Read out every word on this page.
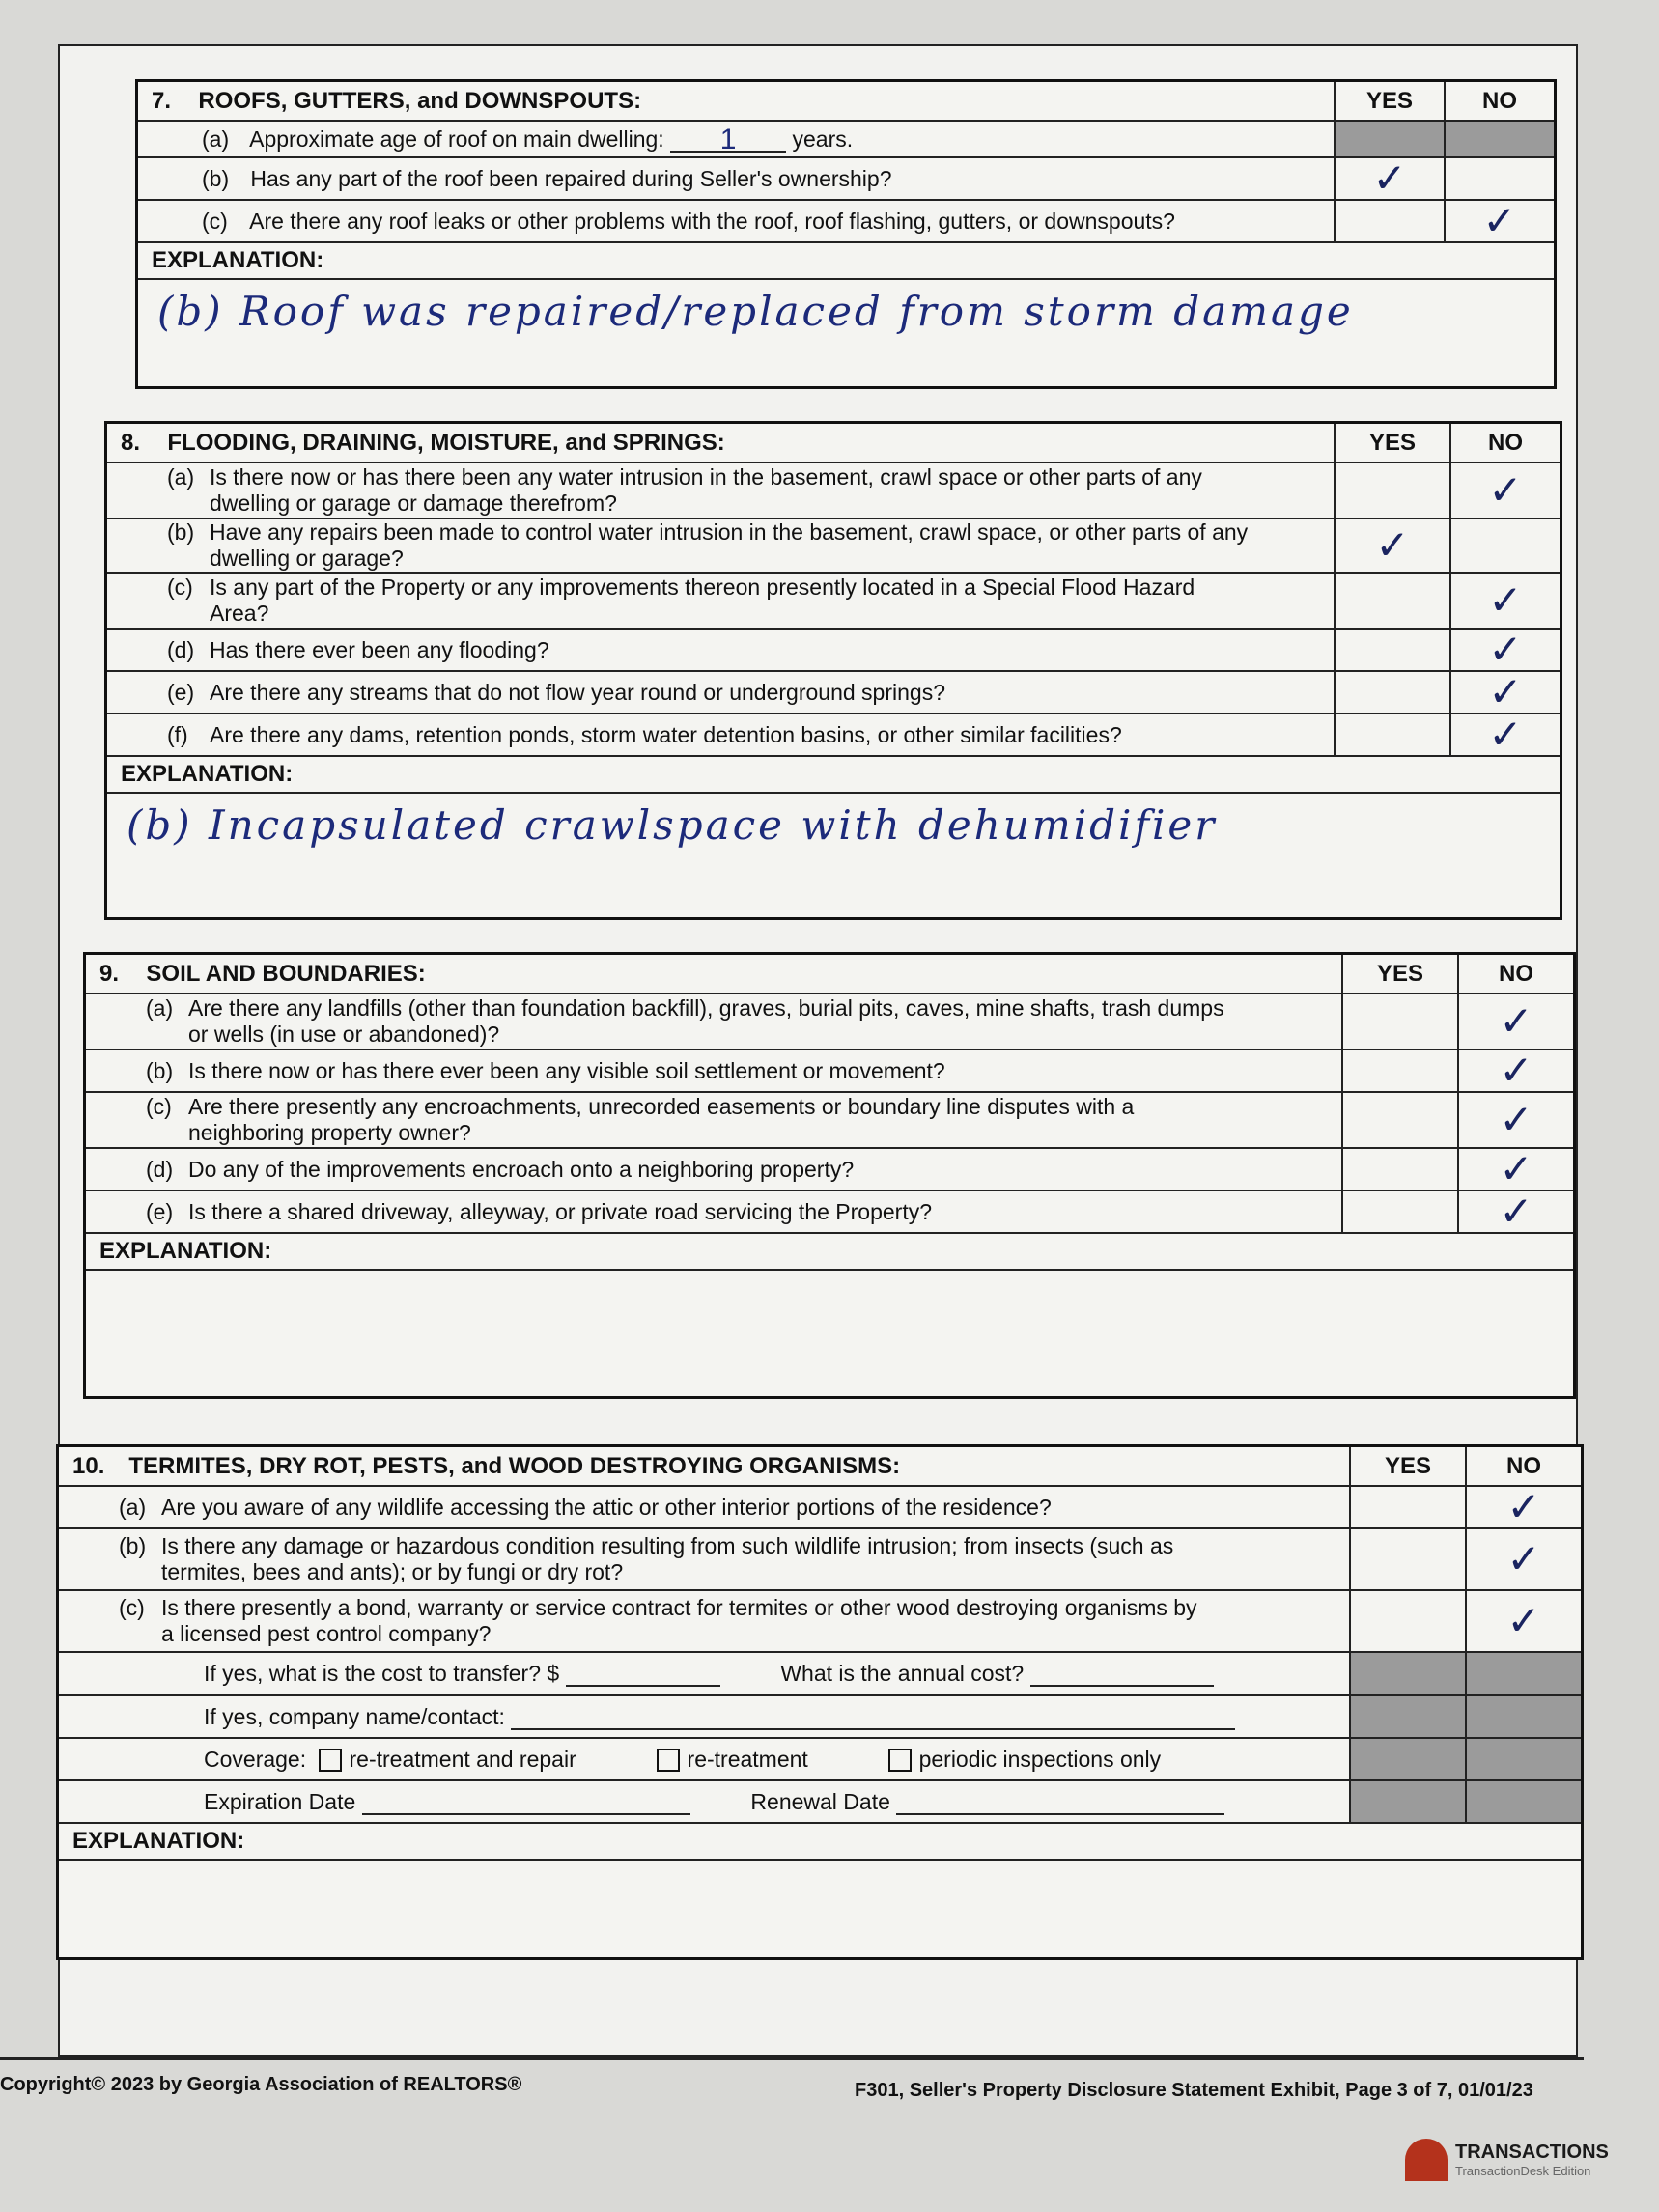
7. ROOFS, GUTTERS, and DOWNSPOUTS:	YES	NO
(a) Approximate age of roof on main dwelling: 1 years.		
(b) Has any part of the roof been repaired during Seller's ownership?	✓	
(c) Are there any roof leaks or other problems with the roof, roof flashing, gutters, or downspouts?		✓
EXPLANATION:
(b) Roof was repaired/replaced from storm damage
8. FLOODING, DRAINING, MOISTURE, and SPRINGS:	YES	NO
(a) Is there now or has there been any water intrusion in the basement, crawl space or other parts of any dwelling or garage or damage therefrom?		✓
(b) Have any repairs been made to control water intrusion in the basement, crawl space, or other parts of any dwelling or garage?	✓	
(c) Is any part of the Property or any improvements thereon presently located in a Special Flood Hazard Area?		✓
(d) Has there ever been any flooding?		✓
(e) Are there any streams that do not flow year round or underground springs?		✓
(f) Are there any dams, retention ponds, storm water detention basins, or other similar facilities?		✓
EXPLANATION:
(b) Incapsulated crawlspace with dehumidifier
9. SOIL AND BOUNDARIES:	YES	NO
(a) Are there any landfills (other than foundation backfill), graves, burial pits, caves, mine shafts, trash dumps or wells (in use or abandoned)?		✓
(b) Is there now or has there ever been any visible soil settlement or movement?		✓
(c) Are there presently any encroachments, unrecorded easements or boundary line disputes with a neighboring property owner?		✓
(d) Do any of the improvements encroach onto a neighboring property?		✓
(e) Is there a shared driveway, alleyway, or private road servicing the Property?		✓
EXPLANATION:
10. TERMITES, DRY ROT, PESTS, and WOOD DESTROYING ORGANISMS:	YES	NO
(a) Are you aware of any wildlife accessing the attic or other interior portions of the residence?		✓
(b) Is there any damage or hazardous condition resulting from such wildlife intrusion; from insects (such as termites, bees and ants); or by fungi or dry rot?		✓
(c) Is there presently a bond, warranty or service contract for termites or other wood destroying organisms by a licensed pest control company?		✓
If yes, what is the cost to transfer? $ What is the annual cost?		
If yes, company name/contact:		
Coverage: re-treatment and repair re-treatment periodic inspections only		
Expiration Date Renewal Date		
EXPLANATION:
Copyright© 2023 by Georgia Association of REALTORS®	F301, Seller's Property Disclosure Statement Exhibit, Page 3 of 7, 01/01/23
TRANSACTIONS
TransactionDesk Edition
